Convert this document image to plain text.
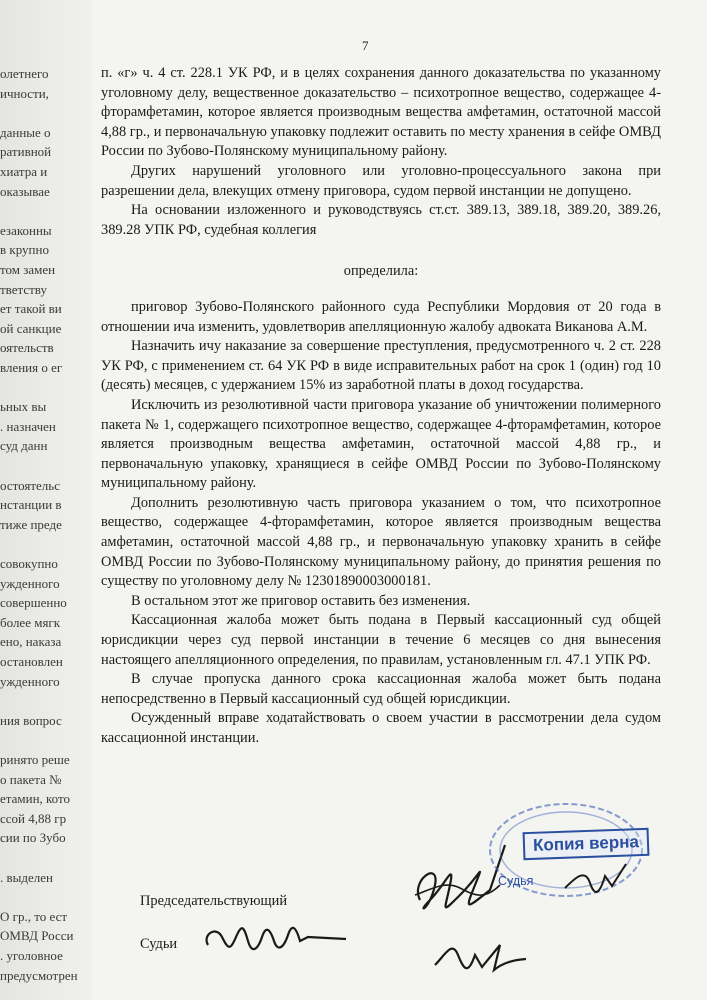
7
олетнего
ичности,
данные о
ративной
хиатра и
оказывае
езаконны
в крупно
том замен
тветству
ет такой ви
ой санкцие
оятельств
вления о ег
ьных вы
. назначен
суд данн
остоятельс
нстанции в
тиже преде
совокупно
ужденного
совершенно
более мягк
ено, наказа
остановлен
ужденного
ния вопрос
ринято реше
о пакета №
етамин, кото
ссой 4,88 гр
сии по Зубо
. выделен
О гр., то ест
ОМВД Росси
. уголовное
предусмотрен

п. «г» ч. 4 ст. 228.1 УК РФ, и в целях сохранения данного доказательства по указанному уголовному делу, вещественное доказательство – психотропное вещество, содержащее 4-фторамфетамин, которое является производным вещества амфетамин, остаточной массой 4,88 гр., и первоначальную упаковку подлежит оставить по месту хранения в сейфе ОМВД России по Зубово-Полянскому муниципальному району.

Других нарушений уголовного или уголовно-процессуального закона при разрешении дела, влекущих отмену приговора, судом первой инстанции не допущено.

На основании изложенного и руководствуясь ст.ст. 389.13, 389.18, 389.20, 389.26, 389.28 УПК РФ, судебная коллегия

определила:

приговор Зубово-Полянского районного суда Республики Мордовия от 20 года в отношении ича изменить, удовлетворив апелляционную жалобу адвоката Виканова А.М.

Назначить ичу наказание за совершение преступления, предусмотренного ч. 2 ст. 228 УК РФ, с применением ст. 64 УК РФ в виде исправительных работ на срок 1 (один) год 10 (десять) месяцев, с удержанием 15% из заработной платы в доход государства.

Исключить из резолютивной части приговора указание об уничтожении полимерного пакета № 1, содержащего психотропное вещество, содержащее 4-фторамфетамин, которое является производным вещества амфетамин, остаточной массой 4,88 гр., и первоначальную упаковку, хранящиеся в сейфе ОМВД России по Зубово-Полянскому муниципальному району.

Дополнить резолютивную часть приговора указанием о том, что психотропное вещество, содержащее 4-фторамфетамин, которое является производным вещества амфетамин, остаточной массой 4,88 гр., и первоначальную упаковку хранить в сейфе ОМВД России по Зубово-Полянскому муниципальному району, до принятия решения по существу по уголовному делу № 12301890003000181.

В остальном этот же приговор оставить без изменения.

Кассационная жалоба может быть подана в Первый кассационный суд общей юрисдикции через суд первой инстанции в течение 6 месяцев со дня вынесения настоящего апелляционного определения, по правилам, установленным гл. 47.1 УПК РФ.

В случае пропуска данного срока кассационная жалоба может быть подана непосредственно в Первый кассационный суд общей юрисдикции.

Осужденный вправе ходатайствовать о своем участии в рассмотрении дела судом кассационной инстанции.

Председательствующий
Судьи
Копия верна
Судья
